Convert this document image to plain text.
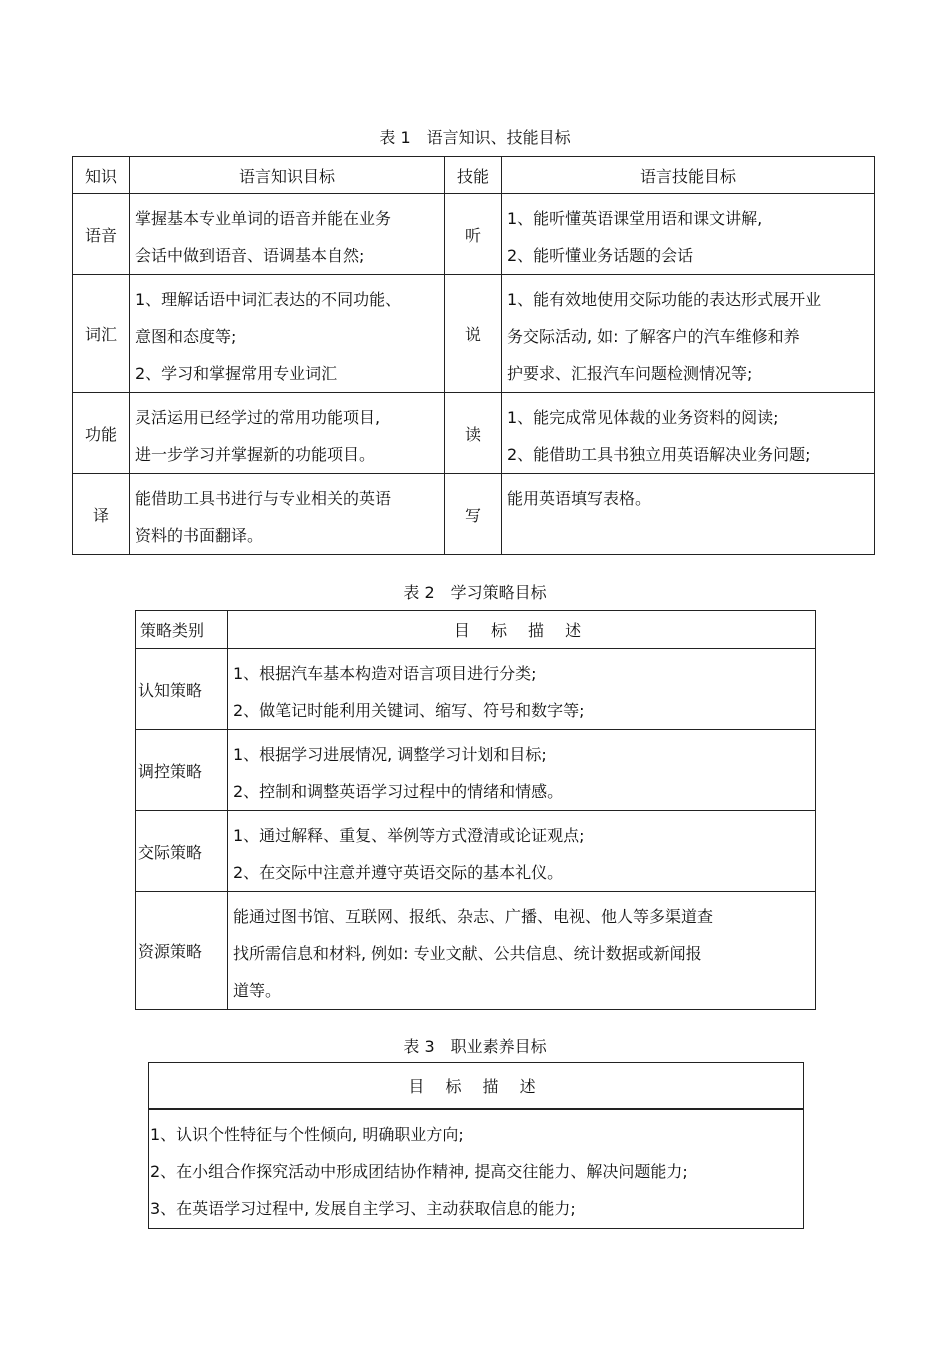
表 1　语言知识、技能目标
知识	语言知识目标	技能	语言技能目标
语音	掌握基本专业单词的语音并能在业务
会话中做到语音、语调基本自然;	听	1、能听懂英语课堂用语和课文讲解,
2、能听懂业务话题的会话

词汇	1、理解话语中词汇表达的不同功能、
意图和态度等;
2、学习和掌握常用专业词汇	说	1、能有效地使用交际功能的表达形式展开业
务交际活动, 如: 了解客户的汽车维修和养
护要求、汇报汽车问题检测情况等;

功能	灵活运用已经学过的常用功能项目,
进一步学习并掌握新的功能项目。	读	1、能完成常见体裁的业务资料的阅读;
2、能借助工具书独立用英语解决业务问题;

译	能借助工具书进行与专业相关的英语
资料的书面翻译。	写	能用英语填写表格。
表 2　学习策略目标
策略类别	目 标 描 述
认知策略	1、根据汽车基本构造对语言项目进行分类;
2、做笔记时能利用关键词、缩写、符号和数字等;

调控策略	1、根据学习进展情况, 调整学习计划和目标;
2、控制和调整英语学习过程中的情绪和情感。

交际策略	1、通过解释、重复、举例等方式澄清或论证观点;
2、在交际中注意并遵守英语交际的基本礼仪。

资源策略	能通过图书馆、互联网、报纸、杂志、广播、电视、他人等多渠道查
找所需信息和材料, 例如: 专业文献、公共信息、统计数据或新闻报
道等。
表 3　职业素养目标
目 标 描 述

1、认识个性特征与个性倾向, 明确职业方向;
2、在小组合作探究活动中形成团结协作精神, 提高交往能力、解决问题能力;
3、在英语学习过程中, 发展自主学习、主动获取信息的能力;
